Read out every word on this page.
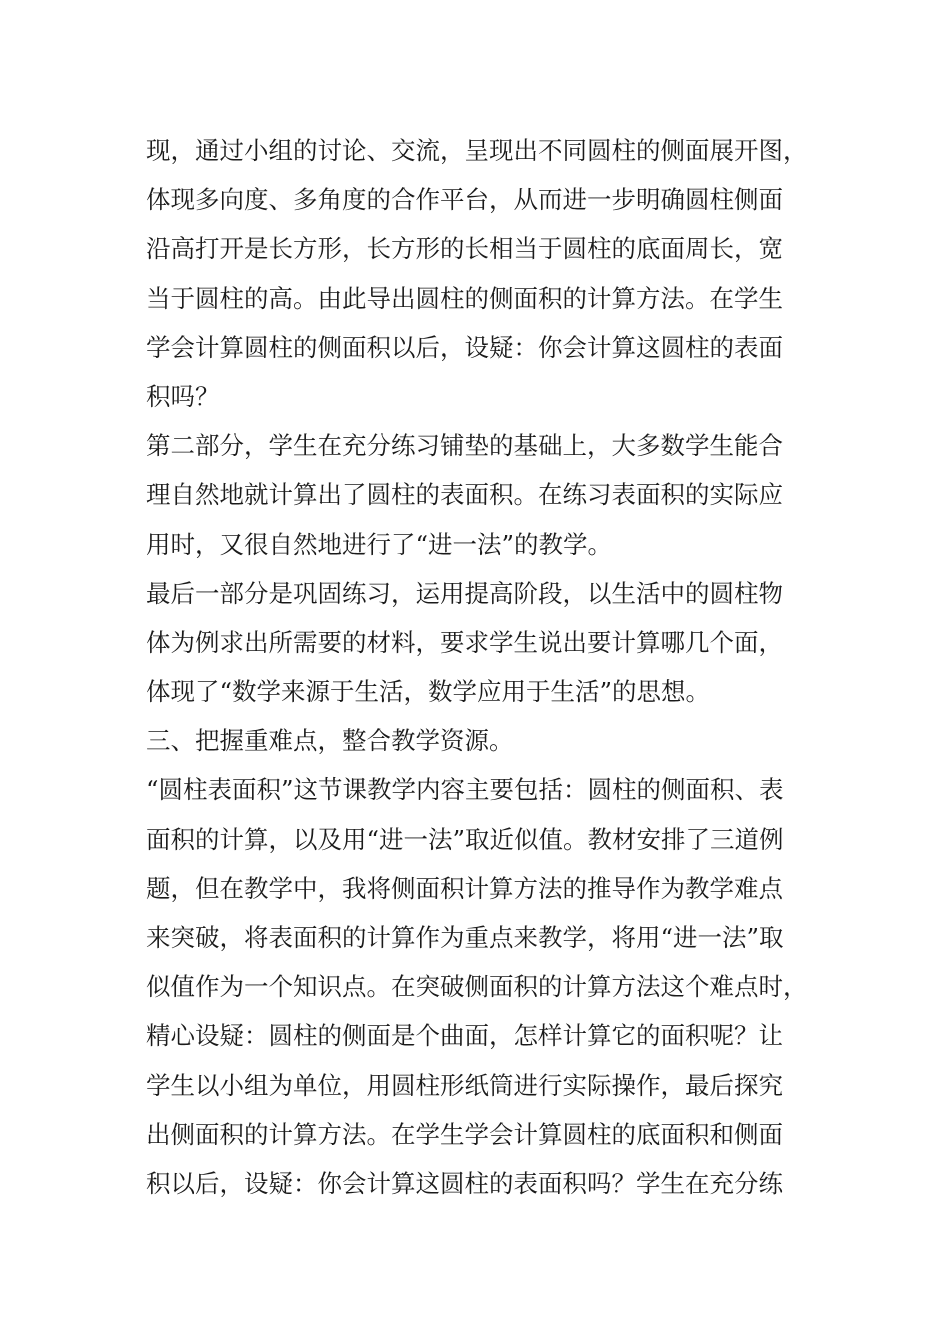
现，通过小组的讨论、交流，呈现出不同圆柱的侧面展开图，
体现多向度、多角度的合作平台，从而进一步明确圆柱侧面
沿高打开是长方形，长方形的长相当于圆柱的底面周长，宽
当于圆柱的高。由此导出圆柱的侧面积的计算方法。在学生
学会计算圆柱的侧面积以后，设疑：你会计算这圆柱的表面
积吗？
第二部分，学生在充分练习铺垫的基础上，大多数学生能合
理自然地就计算出了圆柱的表面积。在练习表面积的实际应
用时，又很自然地进行了“进一法”的教学。
最后一部分是巩固练习，运用提高阶段，以生活中的圆柱物
体为例求出所需要的材料，要求学生说出要计算哪几个面，
体现了“数学来源于生活，数学应用于生活”的思想。
三、把握重难点，整合教学资源。
“圆柱表面积”这节课教学内容主要包括：圆柱的侧面积、表
面积的计算，以及用“进一法”取近似值。教材安排了三道例
题，但在教学中，我将侧面积计算方法的推导作为教学难点
来突破，将表面积的计算作为重点来教学，将用“进一法”取
似值作为一个知识点。在突破侧面积的计算方法这个难点时，
精心设疑：圆柱的侧面是个曲面，怎样计算它的面积呢？让
学生以小组为单位，用圆柱形纸筒进行实际操作，最后探究
出侧面积的计算方法。在学生学会计算圆柱的底面积和侧面
积以后，设疑：你会计算这圆柱的表面积吗？学生在充分练
